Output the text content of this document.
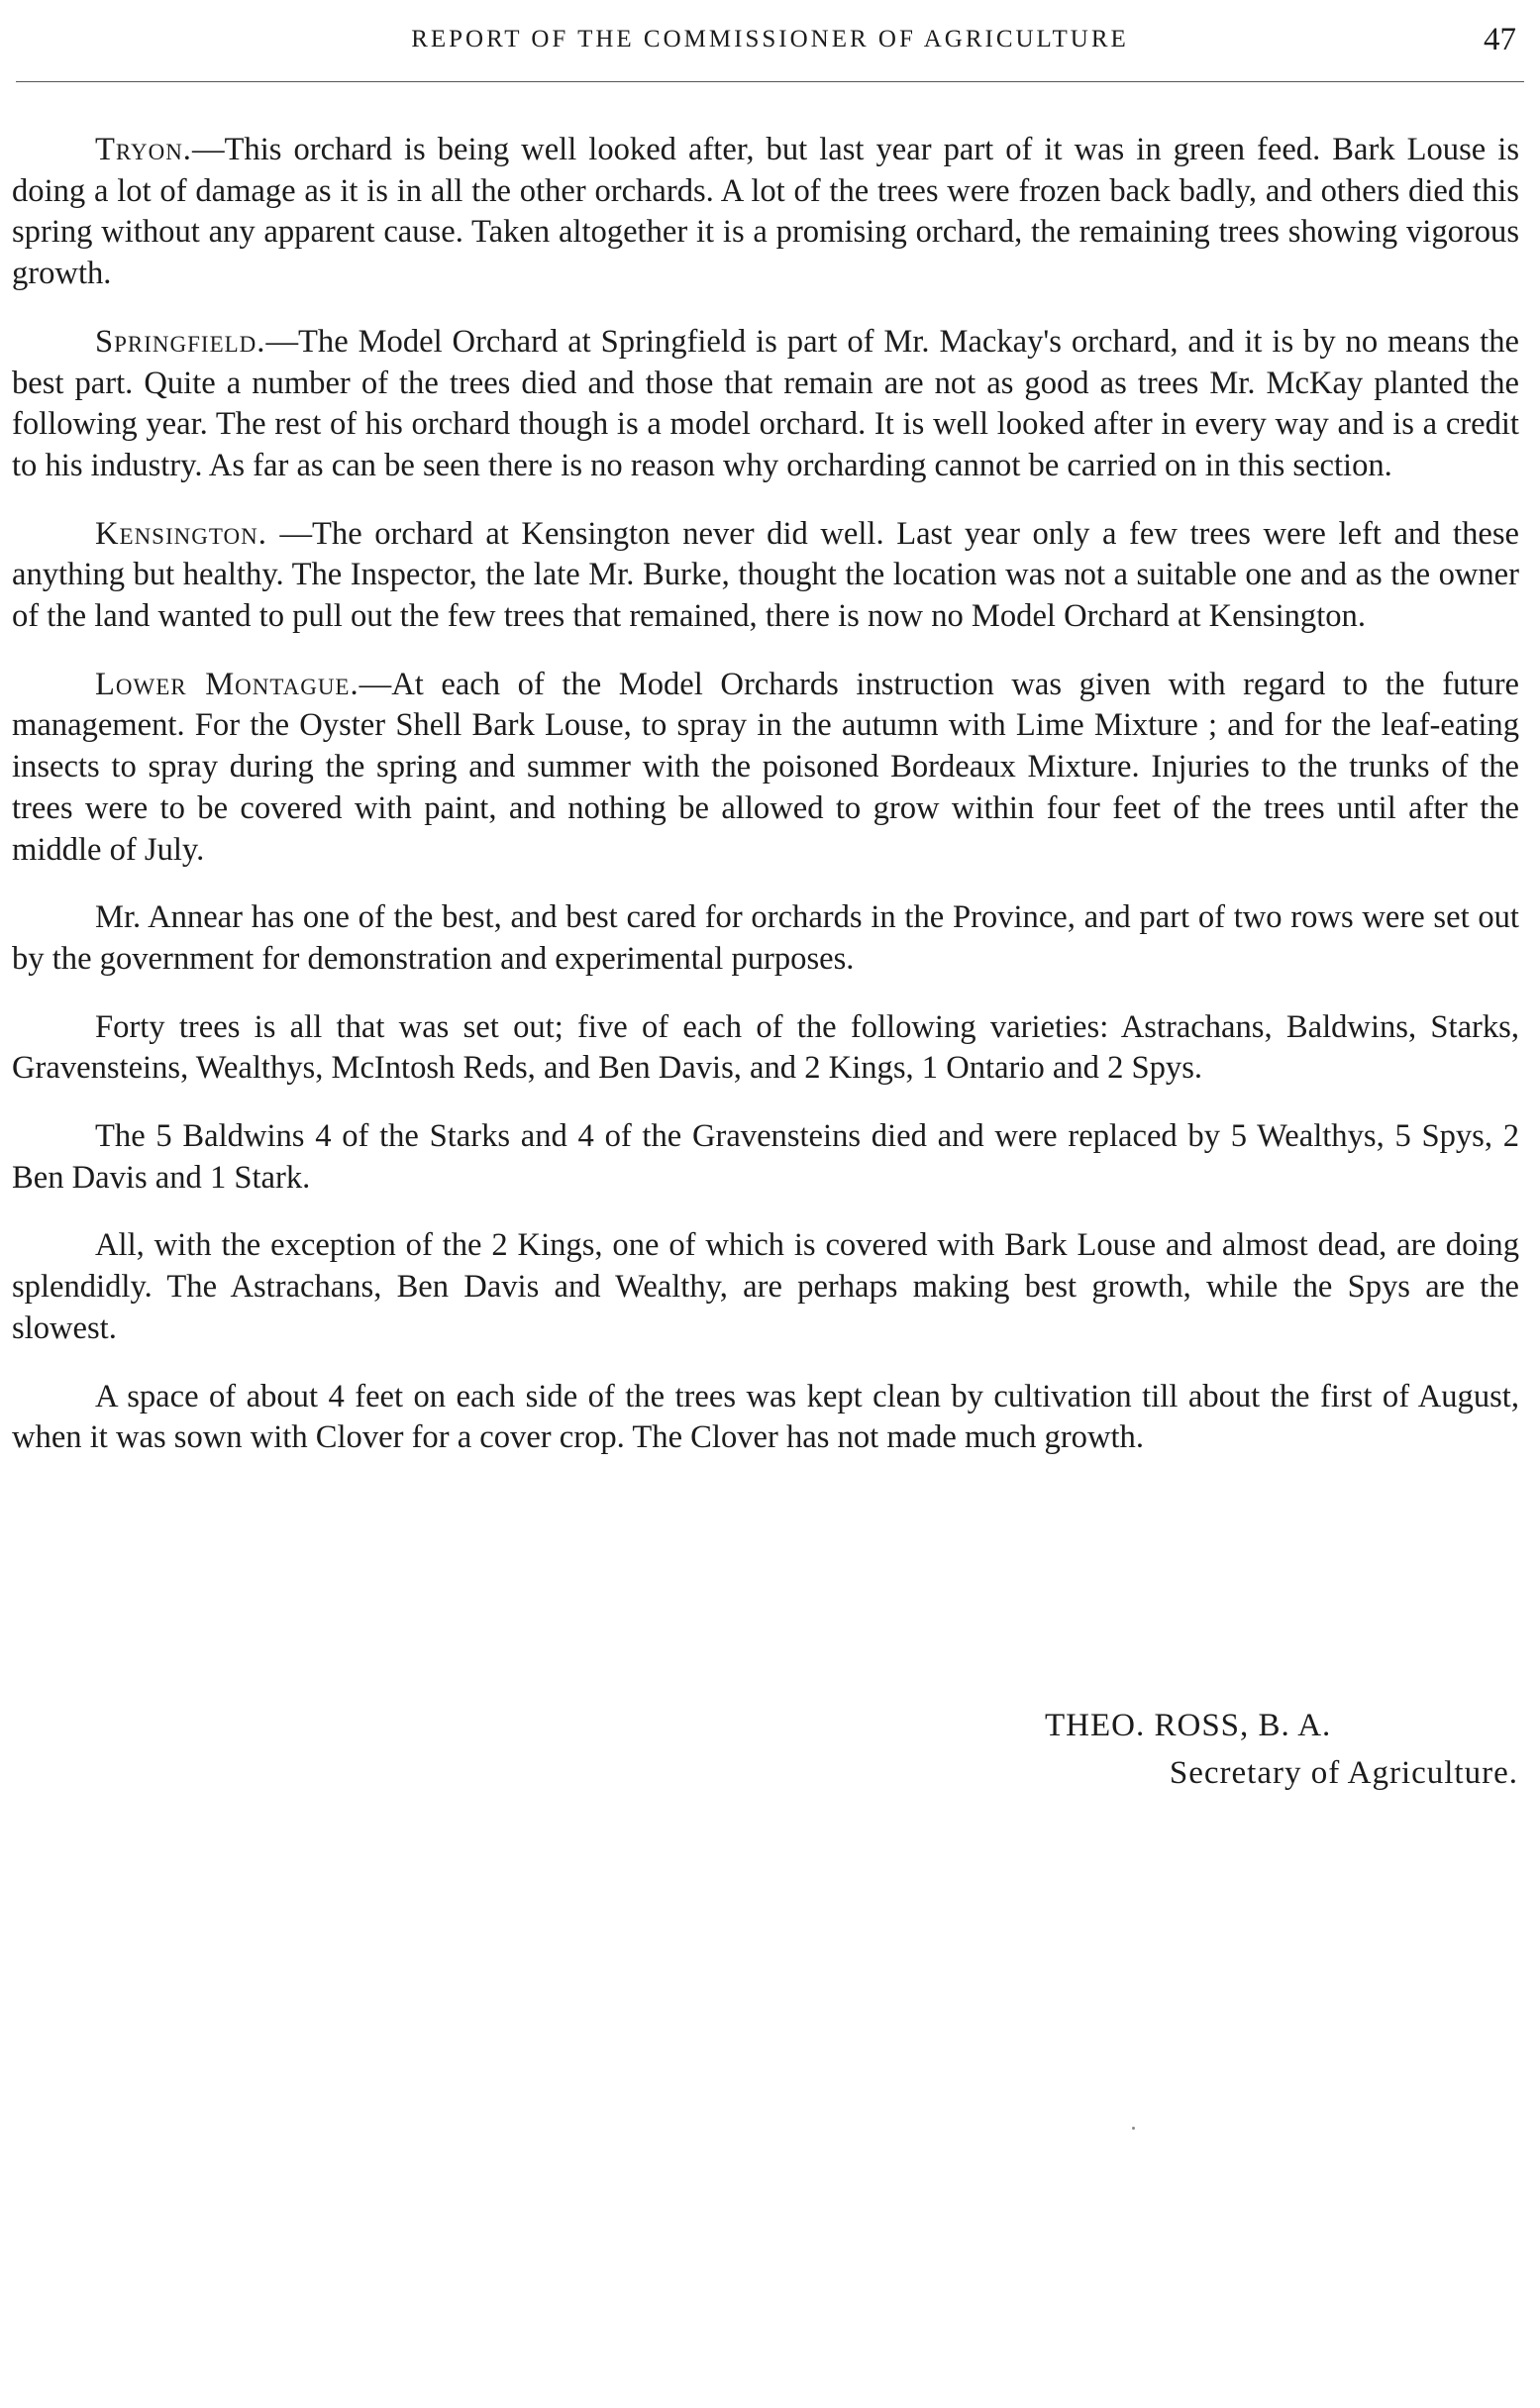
REPORT OF THE COMMISSIONER OF AGRICULTURE	47

Tryon.—This orchard is being well looked after, but last year part of it was in green feed. Bark Louse is doing a lot of damage as it is in all the other orchards. A lot of the trees were frozen back badly, and others died this spring without any apparent cause. Taken altogether it is a promising orchard, the remaining trees showing vigorous growth.

Springfield.—The Model Orchard at Springfield is part of Mr. Mackay's orchard, and it is by no means the best part. Quite a number of the trees died and those that remain are not as good as trees Mr. McKay planted the following year. The rest of his orchard though is a model orchard. It is well looked after in every way and is a credit to his industry. As far as can be seen there is no reason why orcharding cannot be carried on in this section.

Kensington. —The orchard at Kensington never did well. Last year only a few trees were left and these anything but healthy. The Inspector, the late Mr. Burke, thought the location was not a suitable one and as the owner of the land wanted to pull out the few trees that remained, there is now no Model Orchard at Kensington.

Lower Montague.—At each of the Model Orchards instruction was given with regard to the future management. For the Oyster Shell Bark Louse, to spray in the autumn with Lime Mixture ; and for the leaf-eating insects to spray during the spring and summer with the poisoned Bordeaux Mixture. Injuries to the trunks of the trees were to be covered with paint, and nothing be allowed to grow within four feet of the trees until after the middle of July.

Mr. Annear has one of the best, and best cared for orchards in the Province, and part of two rows were set out by the government for demonstration and experimental purposes.

Forty trees is all that was set out; five of each of the following varieties: Astrachans, Baldwins, Starks, Gravensteins, Wealthys, McIntosh Reds, and Ben Davis, and 2 Kings, 1 Ontario and 2 Spys.

The 5 Baldwins 4 of the Starks and 4 of the Gravensteins died and were replaced by 5 Wealthys, 5 Spys, 2 Ben Davis and 1 Stark.

All, with the exception of the 2 Kings, one of which is covered with Bark Louse and almost dead, are doing splendidly. The Astrachans, Ben Davis and Wealthy, are perhaps making best growth, while the Spys are the slowest.

A space of about 4 feet on each side of the trees was kept clean by cultivation till about the first of August, when it was sown with Clover for a cover crop. The Clover has not made much growth.

THEO. ROSS, B. A.
Secretary of Agriculture.
